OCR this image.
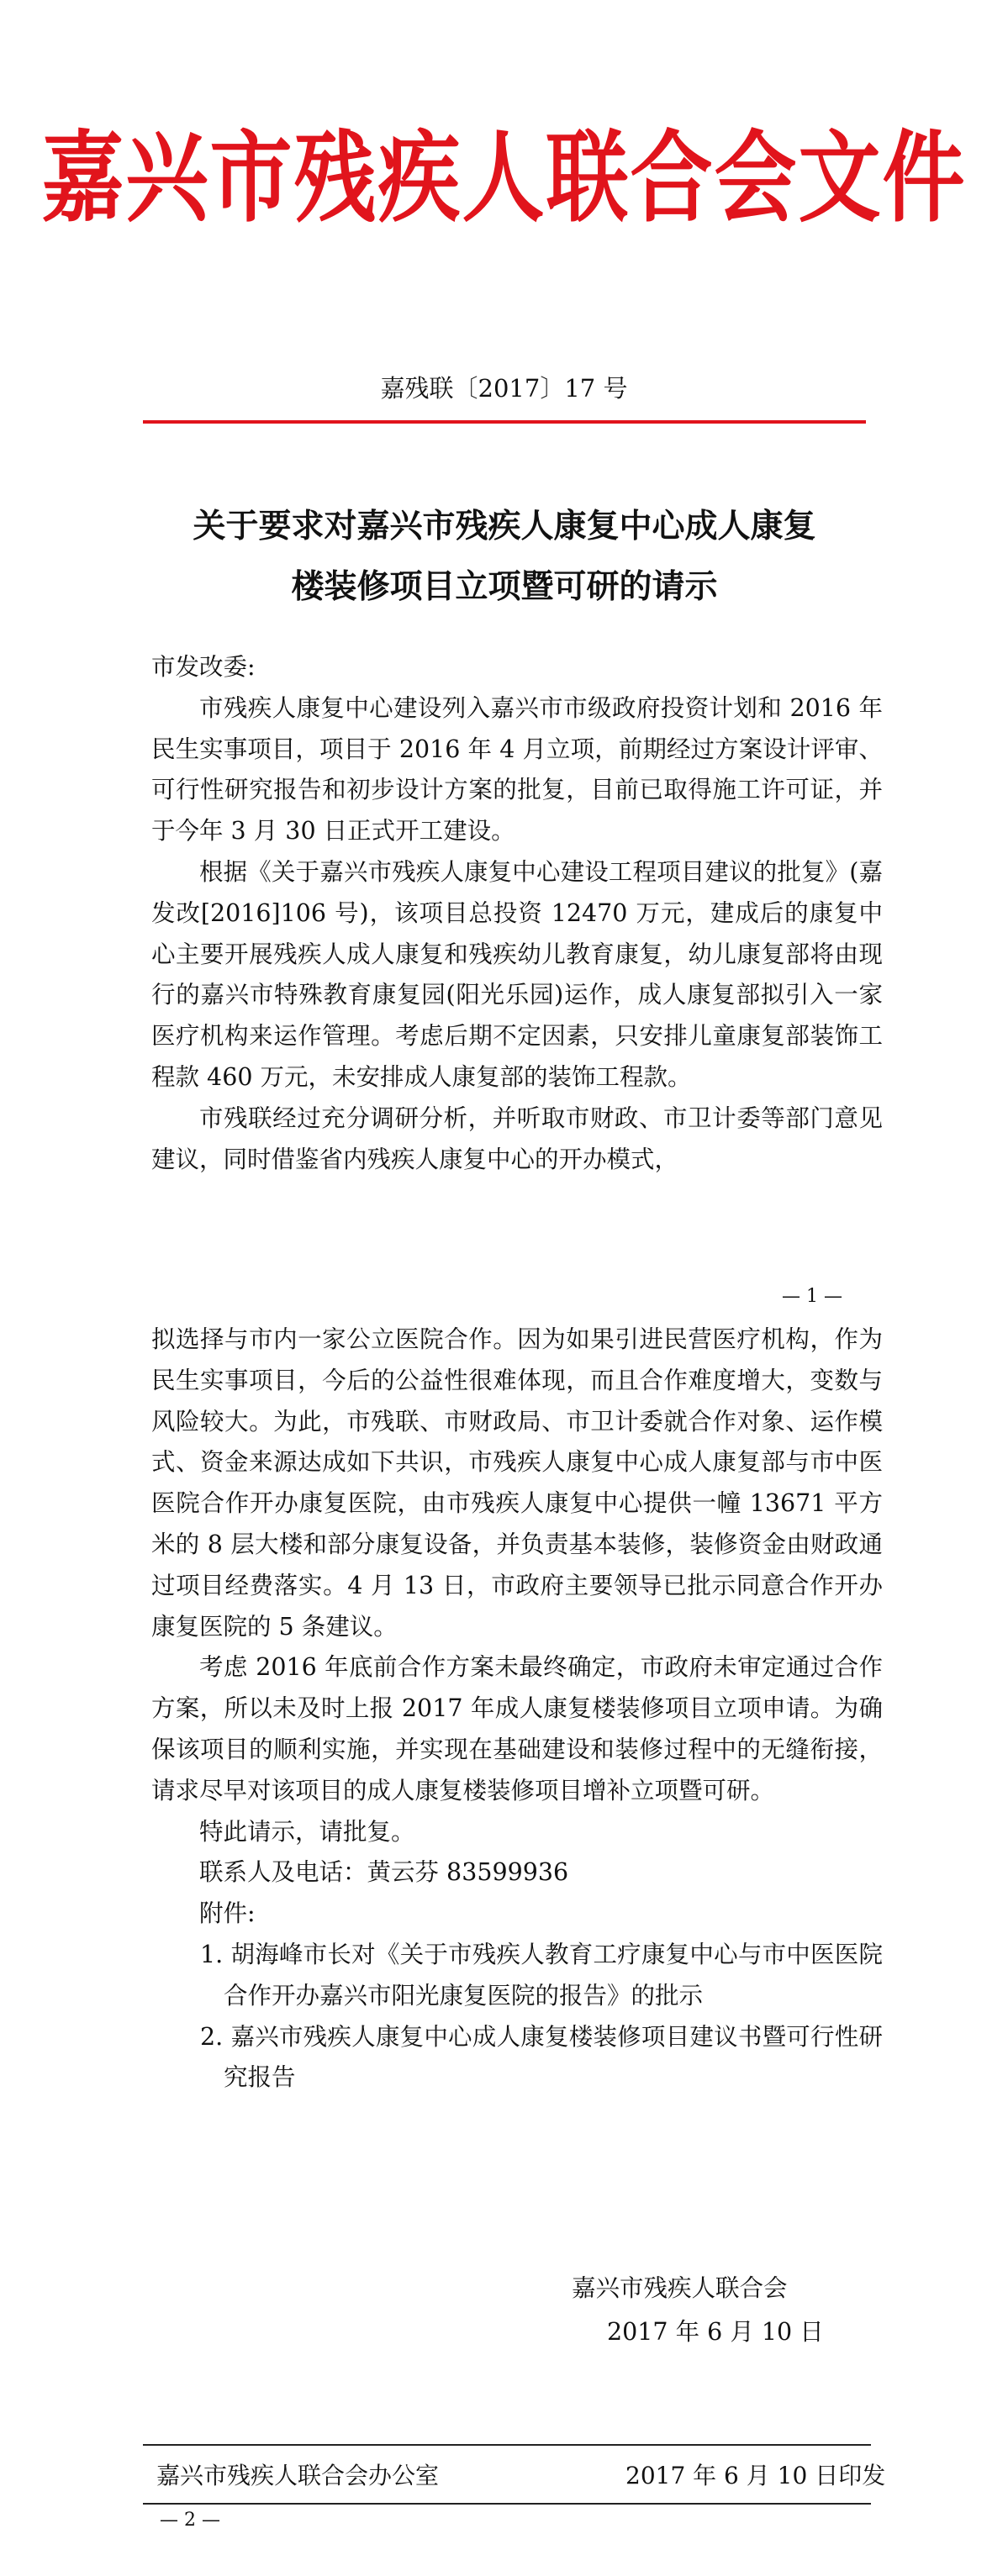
嘉兴市残疾人联合会文件
嘉残联〔2017〕17 号
关于要求对嘉兴市残疾人康复中心成人康复
楼装修项目立项暨可研的请示

市发改委:

市残疾人康复中心建设列入嘉兴市市级政府投资计划和 2016 年民生实事项目，项目于 2016 年 4 月立项，前期经过方案设计评审、可行性研究报告和初步设计方案的批复，目前已取得施工许可证，并于今年 3 月 30 日正式开工建设。

根据《关于嘉兴市残疾人康复中心建设工程项目建议的批复》(嘉发改[2016]106 号)，该项目总投资 12470 万元，建成后的康复中心主要开展残疾人成人康复和残疾幼儿教育康复，幼儿康复部将由现行的嘉兴市特殊教育康复园(阳光乐园)运作，成人康复部拟引入一家医疗机构来运作管理。考虑后期不定因素，只安排儿童康复部装饰工程款 460 万元，未安排成人康复部的装饰工程款。

市残联经过充分调研分析，并听取市财政、市卫计委等部门意见建议，同时借鉴省内残疾人康复中心的开办模式，

— 1 —

拟选择与市内一家公立医院合作。因为如果引进民营医疗机构，作为民生实事项目，今后的公益性很难体现，而且合作难度增大，变数与风险较大。为此，市残联、市财政局、市卫计委就合作对象、运作模式、资金来源达成如下共识，市残疾人康复中心成人康复部与市中医医院合作开办康复医院，由市残疾人康复中心提供一幢 13671 平方米的 8 层大楼和部分康复设备，并负责基本装修，装修资金由财政通过项目经费落实。4 月 13 日，市政府主要领导已批示同意合作开办康复医院的 5 条建议。

考虑 2016 年底前合作方案未最终确定，市政府未审定通过合作方案，所以未及时上报 2017 年成人康复楼装修项目立项申请。为确保该项目的顺利实施，并实现在基础建设和装修过程中的无缝衔接，请求尽早对该项目的成人康复楼装修项目增补立项暨可研。

特此请示，请批复。

联系人及电话：黄云芬 83599936

附件:

1. 胡海峰市长对《关于市残疾人教育工疗康复中心与市中医医院合作开办嘉兴市阳光康复医院的报告》的批示

2. 嘉兴市残疾人康复中心成人康复楼装修项目建议书暨可行性研究报告

嘉兴市残疾人联合会
2017 年 6 月 10 日
嘉兴市残疾人联合会办公室	2017 年 6 月 10 日印发
— 2 —
